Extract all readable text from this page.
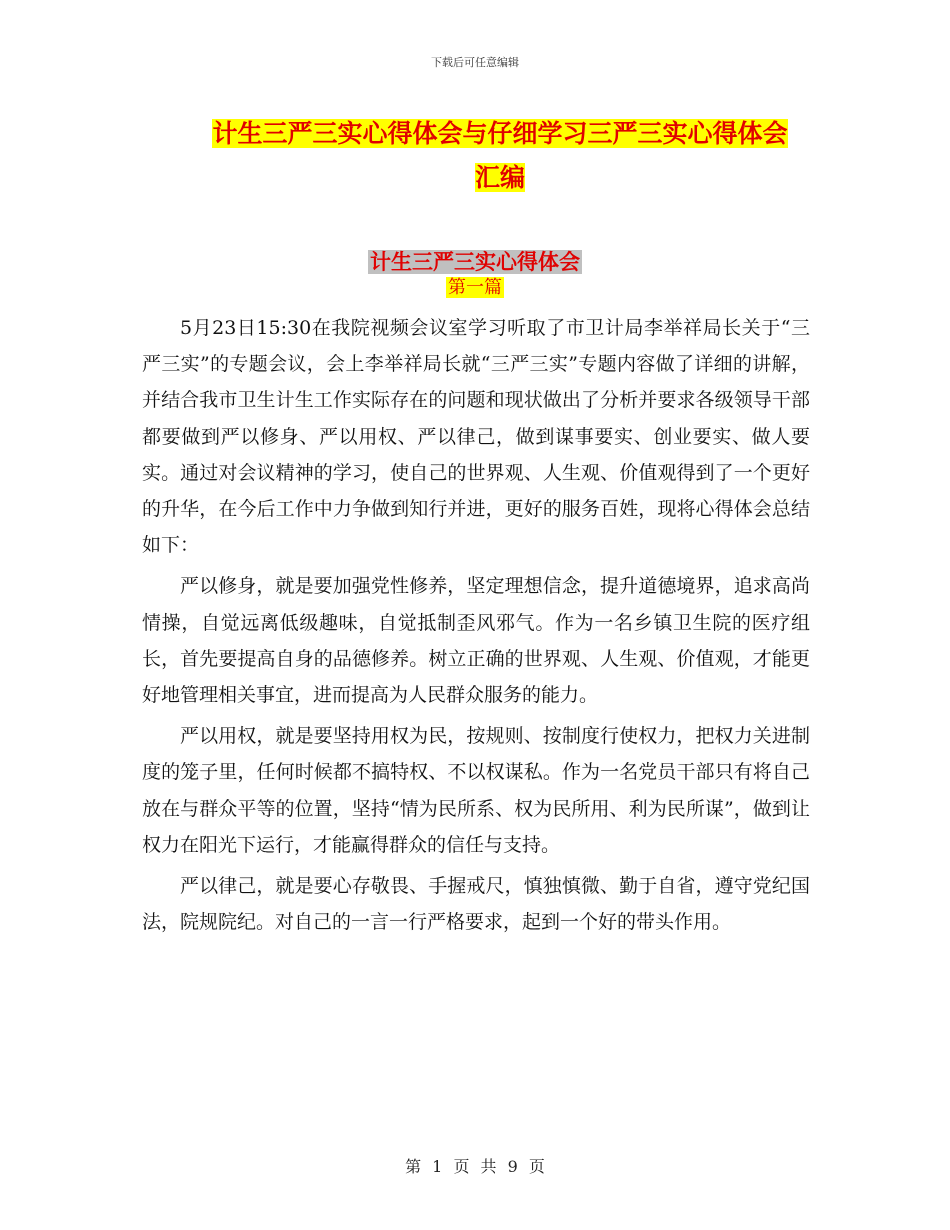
下载后可任意编辑
计生三严三实心得体会与仔细学习三严三实心得体会
汇编
计生三严三实心得体会
第一篇

5月23日15:30在我院视频会议室学习听取了市卫计局李举祥局长关于“三严三实”的专题会议，会上李举祥局长就“三严三实”专题内容做了详细的讲解，并结合我市卫生计生工作实际存在的问题和现状做出了分析并要求各级领导干部都要做到严以修身、严以用权、严以律己，做到谋事要实、创业要实、做人要实。通过对会议精神的学习，使自己的世界观、人生观、价值观得到了一个更好的升华，在今后工作中力争做到知行并进，更好的服务百姓，现将心得体会总结如下：

严以修身，就是要加强党性修养，坚定理想信念，提升道德境界，追求高尚情操，自觉远离低级趣味，自觉抵制歪风邪气。作为一名乡镇卫生院的医疗组长，首先要提高自身的品德修养。树立正确的世界观、人生观、价值观，才能更好地管理相关事宜，进而提高为人民群众服务的能力。

严以用权，就是要坚持用权为民，按规则、按制度行使权力，把权力关进制度的笼子里，任何时候都不搞特权、不以权谋私。作为一名党员干部只有将自己放在与群众平等的位置，坚持“情为民所系、权为民所用、利为民所谋”，做到让权力在阳光下运行，才能赢得群众的信任与支持。

严以律己，就是要心存敬畏、手握戒尺，慎独慎微、勤于自省，遵守党纪国法，院规院纪。对自己的一言一行严格要求，起到一个好的带头作用。

第 1 页 共 9 页
